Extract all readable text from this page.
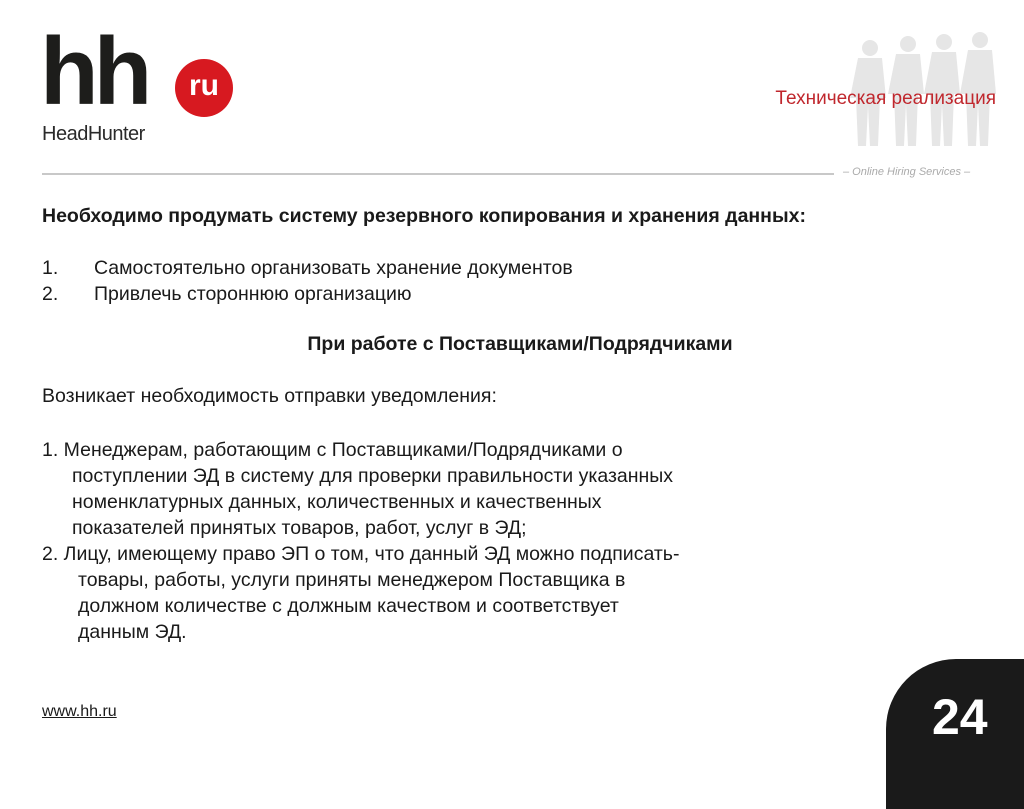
hh	ru
HeadHunter
Техническая реализация
– Online Hiring Services –
Необходимо продумать систему резервного копирования и хранения данных:
1.	Самостоятельно организовать хранение документов
2.	Привлечь стороннюю организацию
При работе с Поставщиками/Подрядчиками
Возникает необходимость отправки уведомления:
1. Менеджерам, работающим с Поставщиками/Подрядчиками о
поступлении ЭД в систему для проверки правильности указанных
номенклатурных данных, количественных и качественных
показателей принятых товаров, работ, услуг в ЭД;
2. Лицу, имеющему право ЭП о том, что данный ЭД можно подписать-
товары, работы, услуги приняты менеджером Поставщика в
должном количестве с должным качеством и соответствует
данным ЭД.
www.hh.ru	24
